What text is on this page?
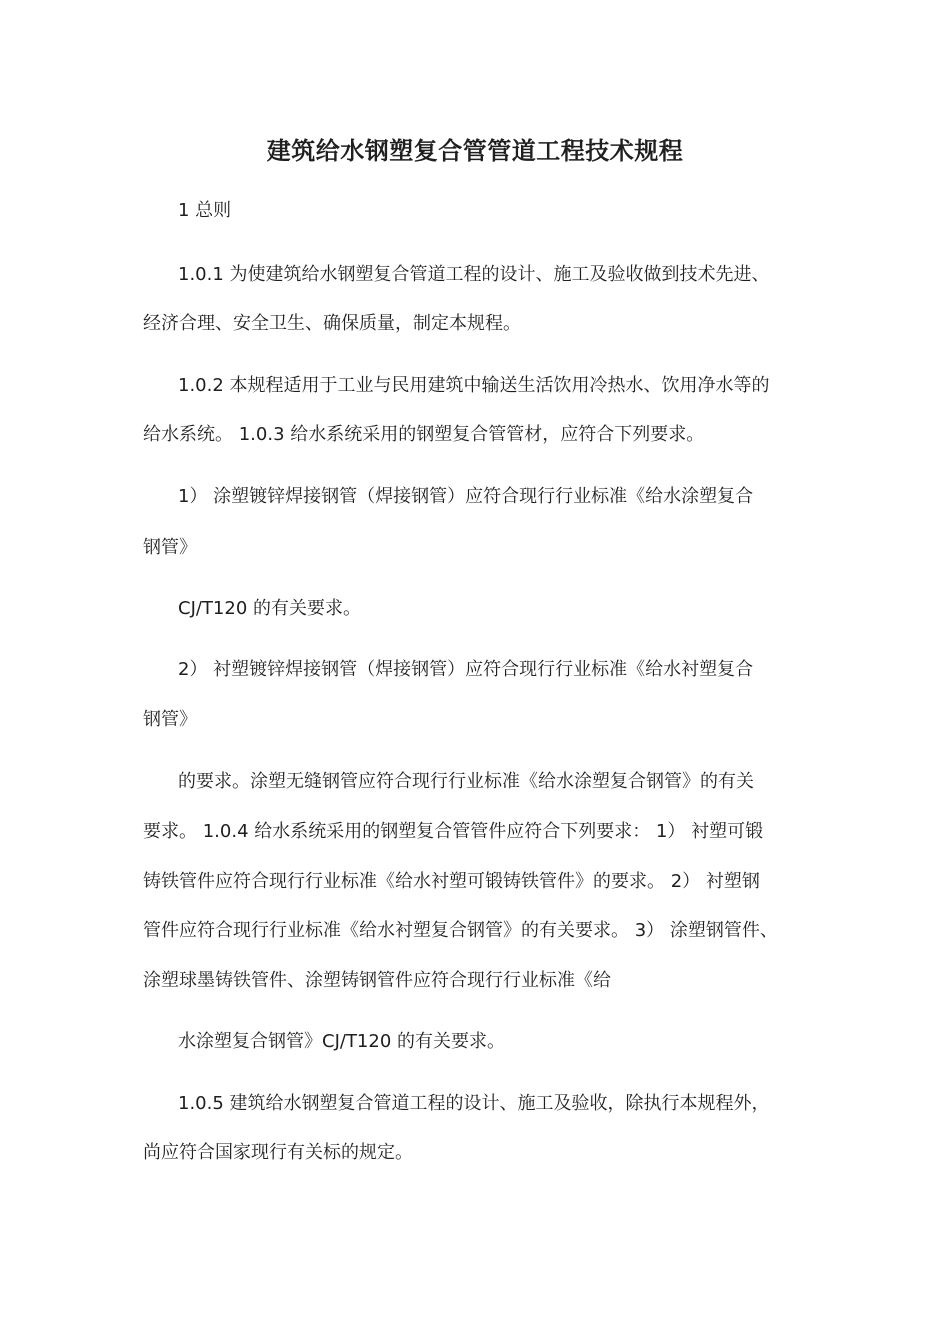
建筑给水钢塑复合管管道工程技术规程

1 总则

1.0.1 为使建筑给水钢塑复合管道工程的设计、施工及验收做到技术先进、

经济合理、安全卫生、确保质量，制定本规程。

1.0.2 本规程适用于工业与民用建筑中输送生活饮用冷热水、饮用净水等的

给水系统。 1.0.3 给水系统采用的钢塑复合管管材，应符合下列要求。

1） 涂塑镀锌焊接钢管（焊接钢管）应符合现行行业标准《给水涂塑复合

钢管》

CJ/T120 的有关要求。

2） 衬塑镀锌焊接钢管（焊接钢管）应符合现行行业标准《给水衬塑复合

钢管》

的要求。涂塑无缝钢管应符合现行行业标准《给水涂塑复合钢管》的有关

要求。 1.0.4 给水系统采用的钢塑复合管管件应符合下列要求： 1） 衬塑可锻

铸铁管件应符合现行行业标准《给水衬塑可锻铸铁管件》的要求。 2） 衬塑钢

管件应符合现行行业标准《给水衬塑复合钢管》的有关要求。 3） 涂塑钢管件、

涂塑球墨铸铁管件、涂塑铸钢管件应符合现行行业标准《给

水涂塑复合钢管》CJ/T120 的有关要求。

1.0.5 建筑给水钢塑复合管道工程的设计、施工及验收，除执行本规程外，

尚应符合国家现行有关标的规定。
